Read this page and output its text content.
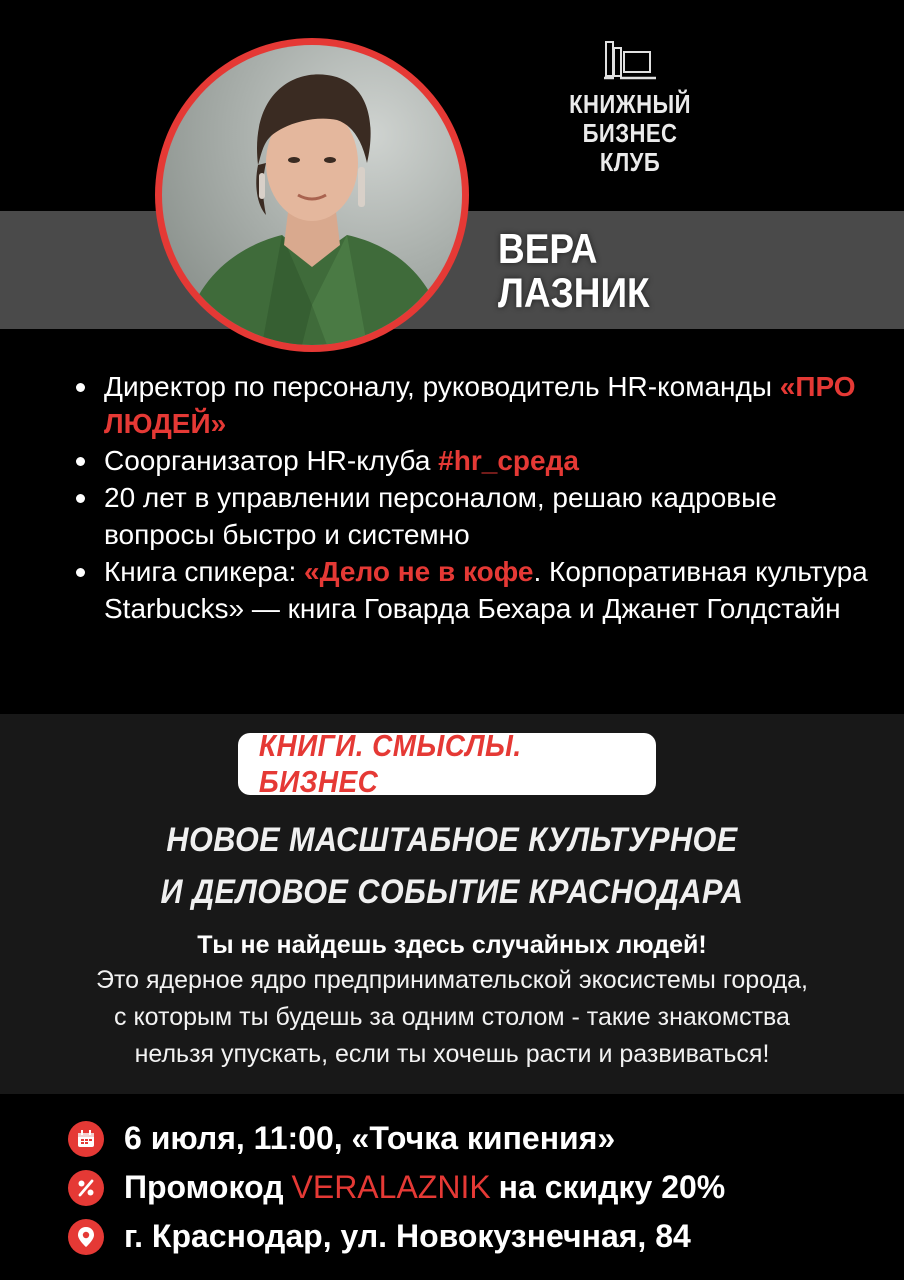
КНИЖНЫЙ
БИЗНЕС
КЛУБ
ВЕРА
ЛАЗНИК
Директор по персоналу, руководитель HR-команды «ПРО ЛЮДЕЙ»
Соорганизатор HR-клуба #hr_среда
20 лет в управлении персоналом, решаю кадровые вопросы быстро и системно
Книга спикера: «Дело не в кофе. Корпоративная культура Starbucks» — книга Говарда Бехара и Джанет Голдстайн
КНИГИ. СМЫСЛЫ. БИЗНЕС
НОВОЕ МАСШТАБНОЕ КУЛЬТУРНОЕ
И ДЕЛОВОЕ СОБЫТИЕ КРАСНОДАРА
Ты не найдешь здесь случайных людей!
Это ядерное ядро предпринимательской экосистемы города,
с которым ты будешь за одним столом - такие знакомства
нельзя упускать, если ты хочешь расти и развиваться!
6 июля, 11:00, «Точка кипения»
Промокод VERALAZNIK на скидку 20%
г. Краснодар, ул. Новокузнечная, 84
